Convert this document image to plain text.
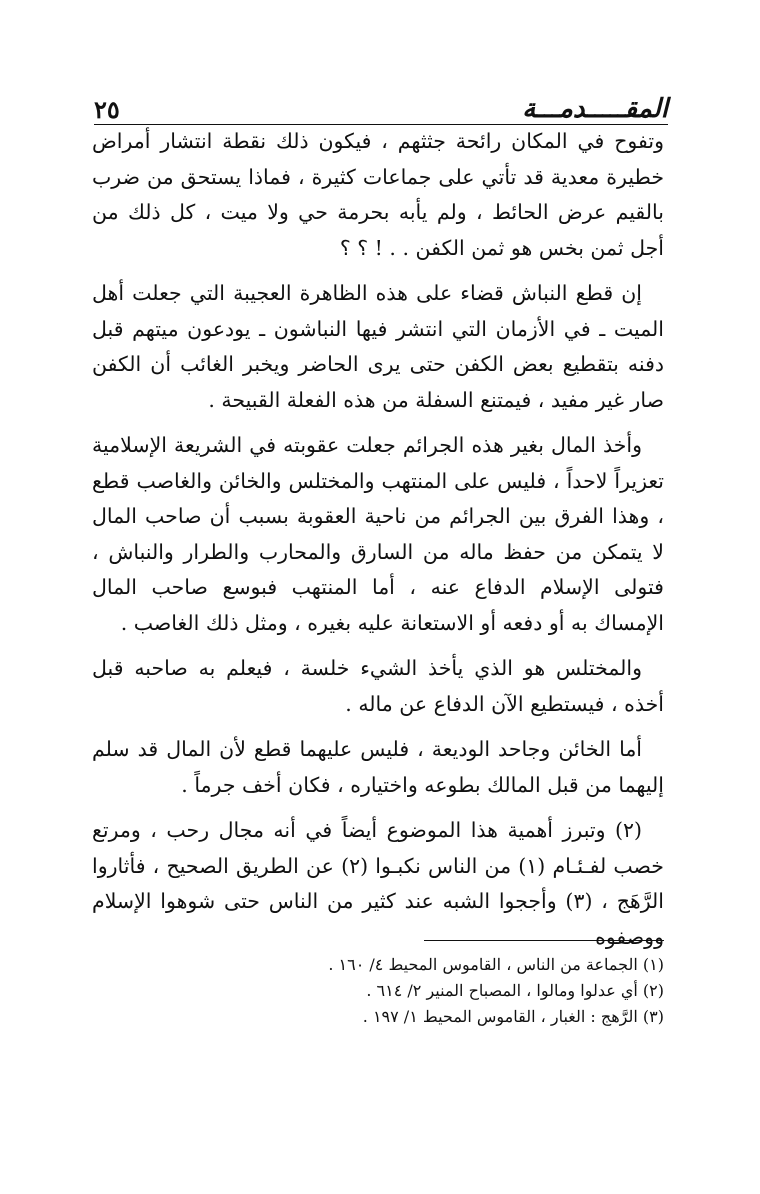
المقـــــدمـــة
٢٥

وتفوح في المكان رائحة جثثهم ، فيكون ذلك نقطة انتشار أمراض خطيرة معدية قد تأتي على جماعات كثيرة ، فماذا يستحق من ضرب بالقيم عرض الحائط ، ولم يأبه بحرمة حي ولا ميت ، كل ذلك من أجل ثمن بخس هو ثمن الكفن . . ! ؟ ؟

إن قطع النباش قضاء على هذه الظاهرة العجيبة التي جعلت أهل الميت ـ في الأزمان التي انتشر فيها النباشون ـ يودعون ميتهم قبل دفنه بتقطيع بعض الكفن حتى يرى الحاضر ويخبر الغائب أن الكفن صار غير مفيد ، فيمتنع السفلة من هذه الفعلة القبيحة .

وأخذ المال بغير هذه الجرائم جعلت عقوبته في الشريعة الإسلامية تعزيراً لاحداً ، فليس على المنتهب والمختلس والخائن والغاصب قطع ، وهذا الفرق بين الجرائم من ناحية العقوبة بسبب أن صاحب المال لا يتمكن من حفظ ماله من السارق والمحارب والطرار والنباش ، فتولى الإسلام الدفاع عنه ، أما المنتهب فبوسع صاحب المال الإمساك به أو دفعه أو الاستعانة عليه بغيره ، ومثل ذلك الغاصب .

والمختلس هو الذي يأخذ الشيء خلسة ، فيعلم به صاحبه قبل أخذه ، فيستطيع الآن الدفاع عن ماله .

أما الخائن وجاحد الوديعة ، فليس عليهما قطع لأن المال قد سلم إليهما من قبل المالك بطوعه واختياره ، فكان أخف جرماً .

(٢) وتبرز أهمية هذا الموضوع أيضاً في أنه مجال رحب ، ومرتع خصب لفـئـام (١) من الناس نكبـوا (٢) عن الطريق الصحيح ، فأثاروا الرَّهَج ، (٣) وأججوا الشبه عند كثير من الناس حتى شوهوا الإسلام ووصفوه

(١) الجماعة من الناس ، القاموس المحيط ٤/ ١٦٠ .

(٢) أي عدلوا ومالوا ، المصباح المنير ٢/ ٦١٤ .

(٣) الرَّهج : الغبار ، القاموس المحيط ١/ ١٩٧ .
